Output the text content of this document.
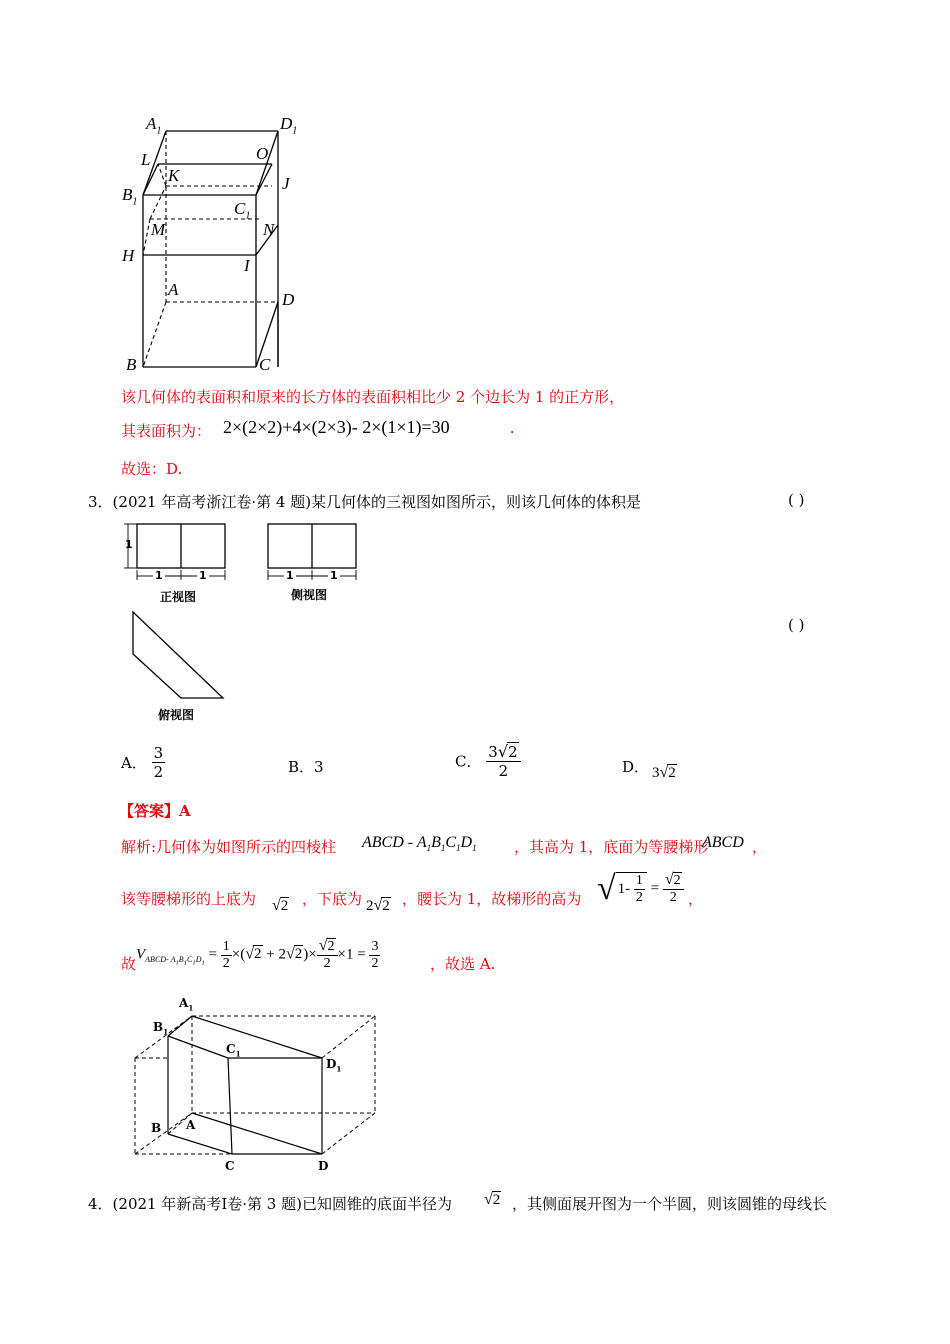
$A_1$	$D_1$
L	O
K	J
$B_1$	$C_1$
M	N
H
I
A
D
B	C
该几何体的表面积和原来的长方体的表面积相比少 2 个边长为 1 的正方形，
其表面积为： 2×(2×2)+4×(2×3)- 2×(1×1)=30	.
故选：D.
3．(2021 年高考浙江卷·第 4 题)某几何体的三视图如图所示，则该几何体的体积是	( )
1
1	1	1	1
正视图	侧视图
俯视图
( )
A． $\frac{3}{2}$	B．3	C． $\frac{3√2}{2}$	D． 3√2
【答案】A
解析:几何体为如图所示的四棱柱 ABCD - $A_1B_1C_1D_1$ ，其高为 1，底面为等腰梯形
ABCD ，
该等腰梯形的上底为 √2 ，下底为 2√2 ，腰长为 1，故梯形的高为 √ $1- \frac{1}{2} = \frac{√2}{2}$ ，
故
$V_{ABCD- A_1B_1C_1D_1} = \frac{1}{2} \times(√2 + 2√2)\times \frac{√2}{2} \times 1 = \frac{3}{2}$	，故选 A.
$A_1$
$B_1$
$C_1$
$D_1$
B A
C	D
4．(2021 年新高考Ⅰ卷·第 3 题)已知圆锥的底面半径为 √2 ，其侧面展开图为一个半圆，则该圆锥的母线长
